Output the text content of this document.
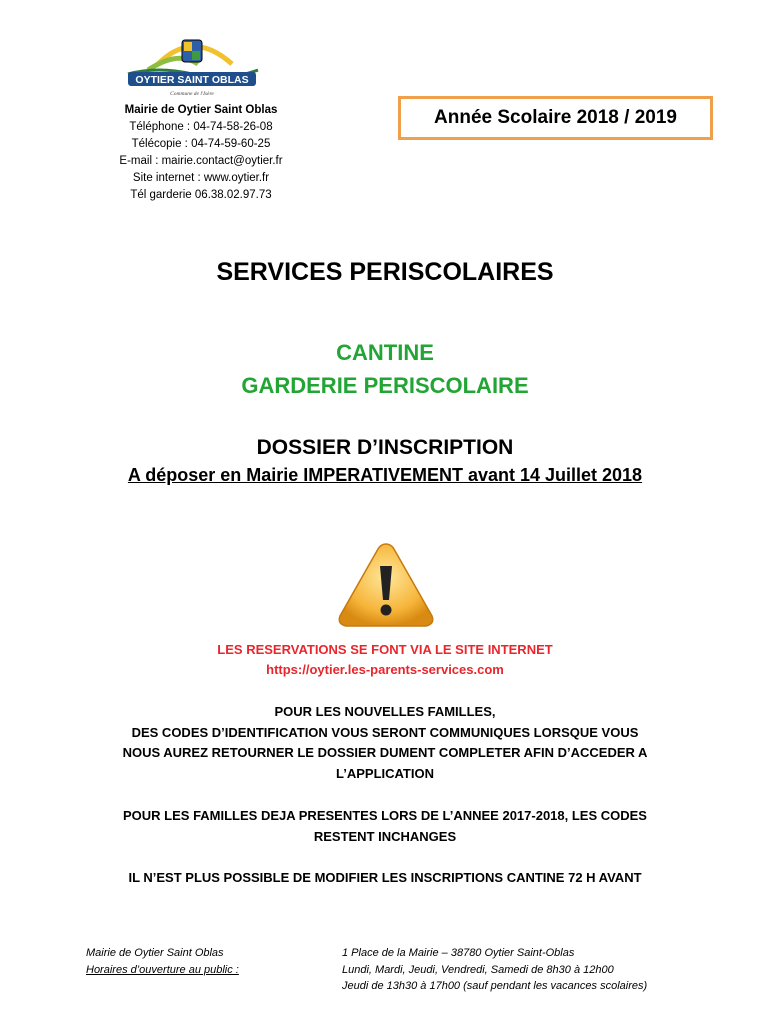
OYTIER SAINT OBLAS
Commune de l'Isère
Mairie de Oytier Saint Oblas
Téléphone : 04-74-58-26-08
Télécopie : 04-74-59-60-25
E-mail : mairie.contact@oytier.fr
Site internet : www.oytier.fr
Tél garderie 06.38.02.97.73
Année Scolaire 2018 / 2019
SERVICES PERISCOLAIRES
CANTINE
GARDERIE PERISCOLAIRE
DOSSIER D’INSCRIPTION
A déposer en Mairie IMPERATIVEMENT avant 14 Juillet 2018
LES RESERVATIONS SE FONT VIA LE SITE INTERNET
https://oytier.les-parents-services.com
POUR LES NOUVELLES FAMILLES,
DES CODES D’IDENTIFICATION VOUS SERONT COMMUNIQUES LORSQUE VOUS
NOUS AUREZ RETOURNER LE DOSSIER DUMENT COMPLETER AFIN D’ACCEDER A
L’APPLICATION
POUR LES FAMILLES DEJA PRESENTES LORS DE L’ANNEE 2017-2018, LES CODES
RESTENT INCHANGES
IL N’EST PLUS POSSIBLE DE MODIFIER LES INSCRIPTIONS CANTINE 72 H AVANT
Mairie de Oytier Saint Oblas
Horaires d’ouverture au public :
1 Place de la Mairie – 38780 Oytier Saint-Oblas
Lundi, Mardi, Jeudi, Vendredi, Samedi de 8h30 à 12h00
Jeudi de 13h30 à 17h00 (sauf pendant les vacances scolaires)
